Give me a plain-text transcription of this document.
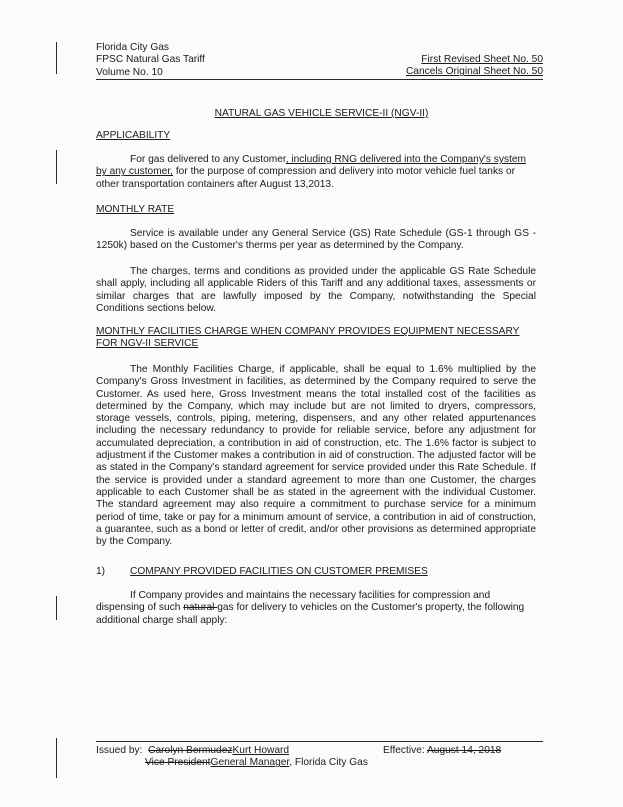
Florida City Gas
FPSC Natural Gas Tariff
Volume No. 10
First Revised Sheet No. 50
Cancels Original Sheet No. 50
NATURAL GAS VEHICLE SERVICE-II (NGV-II)
APPLICABILITY
For gas delivered to any Customer, including RNG delivered into the Company's system
by any customer, for the purpose of compression and delivery into motor vehicle fuel tanks or
other transportation containers after August 13,2013.
MONTHLY RATE

Service is available under any General Service (GS) Rate Schedule (GS-1 through GS - 1250k) based on the Customer's therms per year as determined by the Company.

The charges, terms and conditions as provided under the applicable GS Rate Schedule shall apply, including all applicable Riders of this Tariff and any additional taxes, assessments or similar charges that are lawfully imposed by the Company, notwithstanding the Special Conditions sections below.

MONTHLY FACILITIES CHARGE WHEN COMPANY PROVIDES EQUIPMENT NECESSARY
FOR NGV-II SERVICE

The Monthly Facilities Charge, if applicable, shall be equal to 1.6% multiplied by the Company's Gross Investment in facilities, as determined by the Company required to serve the Customer. As used here, Gross Investment means the total installed cost of the facilities as determined by the Company, which may include but are not limited to dryers, compressors, storage vessels, controls, piping, metering, dispensers, and any other related appurtenances including the necessary redundancy to provide for reliable service, before any adjustment for accumulated depreciation, a contribution in aid of construction, etc. The 1.6% factor is subject to adjustment if the Customer makes a contribution in aid of construction. The adjusted factor will be as stated in the Company's standard agreement for service provided under this Rate Schedule. If the service is provided under a standard agreement to more than one Customer, the charges applicable to each Customer shall be as stated in the agreement with the individual Customer. The standard agreement may also require a commitment to purchase service for a minimum period of time, take or pay for a minimum amount of service, a contribution in aid of construction, a guarantee, such as a bond or letter of credit, and/or other provisions as determined appropriate by the Company.

1) COMPANY PROVIDED FACILITIES ON CUSTOMER PREMISES
If Company provides and maintains the necessary facilities for compression and
dispensing of such natural gas for delivery to vehicles on the Customer's property, the following
additional charge shall apply:
Issued by: Carolyn BermudezKurt Howard
Vice PresidentGeneral Manager, Florida City Gas
Effective: August 14, 2018
